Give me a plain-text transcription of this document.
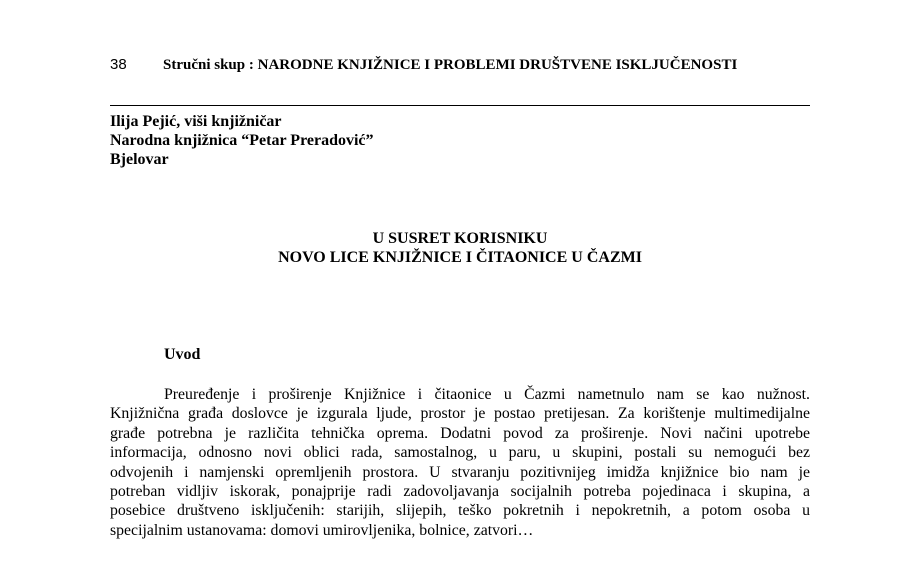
38 Stručni skup : NARODNE KNJIŽNICE I PROBLEMI DRUŠTVENE ISKLJUČENOSTI
Ilija Pejić, viši knjižničar
Narodna knjižnica “Petar Preradović”
Bjelovar
U SUSRET KORISNIKU
NOVO LICE KNJIŽNICE I ČITAONICE U ČAZMI
Uvod
Preuređenje i proširenje Knjižnice i čitaonice u Čazmi nametnulo nam se kao nužnost.
Knjižnična građa doslovce je izgurala ljude, prostor je postao pretijesan. Za korištenje multimedijalne
građe potrebna je različita tehnička oprema. Dodatni povod za proširenje. Novi načini upotrebe
informacija, odnosno novi oblici rada, samostalnog, u paru, u skupini, postali su nemogući bez
odvojenih i namjenski opremljenih prostora. U stvaranju pozitivnijeg imidža knjižnice bio nam je
potreban vidljiv iskorak, ponajprije radi zadovoljavanja socijalnih potreba pojedinaca i skupina, a
posebice društveno isključenih: starijih, slijepih, teško pokretnih i nepokretnih, a potom osoba u
specijalnim ustanovama: domovi umirovljenika, bolnice, zatvori…
